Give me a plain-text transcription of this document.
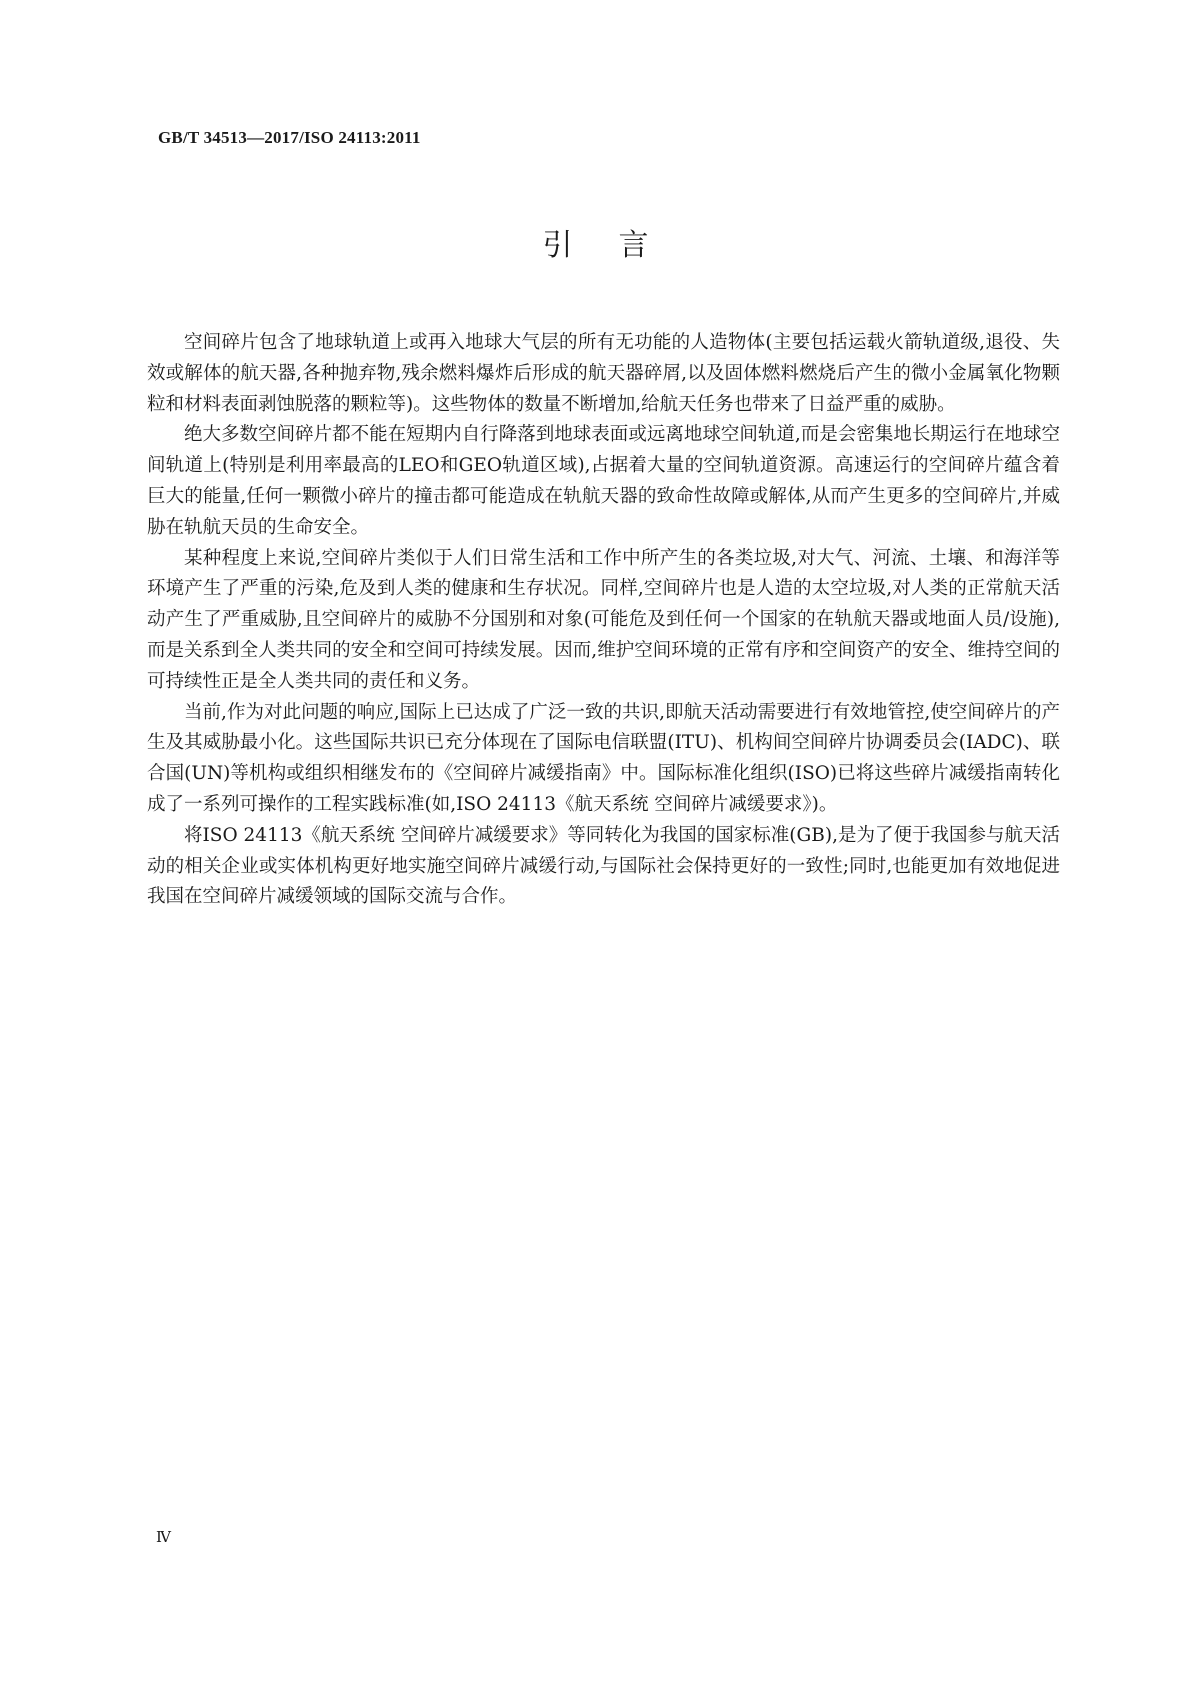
GB/T 34513—2017/ISO 24113:2011

引言

空间碎片包含了地球轨道上或再入地球大气层的所有无功能的人造物体(主要包括运载火箭轨道级,退役、失效或解体的航天器,各种抛弃物,残余燃料爆炸后形成的航天器碎屑,以及固体燃料燃烧后产生的微小金属氧化物颗粒和材料表面剥蚀脱落的颗粒等)。这些物体的数量不断增加,给航天任务也带来了日益严重的威胁。

绝大多数空间碎片都不能在短期内自行降落到地球表面或远离地球空间轨道,而是会密集地长期运行在地球空间轨道上(特别是利用率最高的LEO和GEO轨道区域),占据着大量的空间轨道资源。高速运行的空间碎片蕴含着巨大的能量,任何一颗微小碎片的撞击都可能造成在轨航天器的致命性故障或解体,从而产生更多的空间碎片,并威胁在轨航天员的生命安全。

某种程度上来说,空间碎片类似于人们日常生活和工作中所产生的各类垃圾,对大气、河流、土壤、和海洋等环境产生了严重的污染,危及到人类的健康和生存状况。同样,空间碎片也是人造的太空垃圾,对人类的正常航天活动产生了严重威胁,且空间碎片的威胁不分国别和对象(可能危及到任何一个国家的在轨航天器或地面人员/设施),而是关系到全人类共同的安全和空间可持续发展。因而,维护空间环境的正常有序和空间资产的安全、维持空间的可持续性正是全人类共同的责任和义务。

当前,作为对此问题的响应,国际上已达成了广泛一致的共识,即航天活动需要进行有效地管控,使空间碎片的产生及其威胁最小化。这些国际共识已充分体现在了国际电信联盟(ITU)、机构间空间碎片协调委员会(IADC)、联合国(UN)等机构或组织相继发布的《空间碎片减缓指南》中。国际标准化组织(ISO)已将这些碎片减缓指南转化成了一系列可操作的工程实践标准(如,ISO 24113《航天系统 空间碎片减缓要求》)。

将ISO 24113《航天系统 空间碎片减缓要求》等同转化为我国的国家标准(GB),是为了便于我国参与航天活动的相关企业或实体机构更好地实施空间碎片减缓行动,与国际社会保持更好的一致性;同时,也能更加有效地促进我国在空间碎片减缓领域的国际交流与合作。

Ⅳ
